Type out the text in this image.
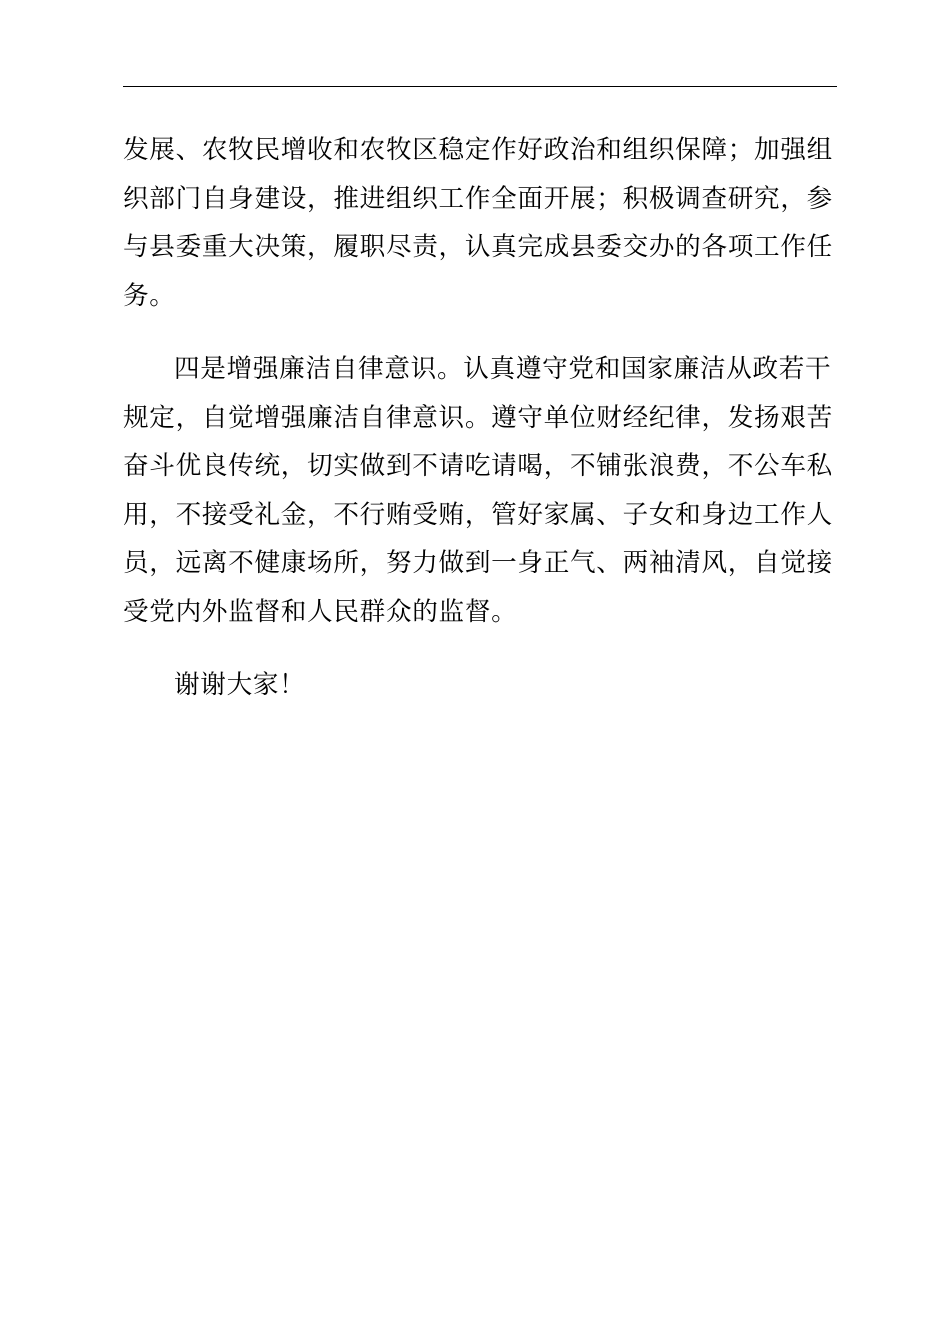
发展、农牧民增收和农牧区稳定作好政治和组织保障；加强组
织部门自身建设，推进组织工作全面开展；积极调查研究，参
与县委重大决策，履职尽责，认真完成县委交办的各项工作任
务。

四是增强廉洁自律意识。认真遵守党和国家廉洁从政若干
规定，自觉增强廉洁自律意识。遵守单位财经纪律，发扬艰苦
奋斗优良传统，切实做到不请吃请喝，不铺张浪费，不公车私
用，不接受礼金，不行贿受贿，管好家属、子女和身边工作人
员，远离不健康场所，努力做到一身正气、两袖清风，自觉接
受党内外监督和人民群众的监督。

谢谢大家！
